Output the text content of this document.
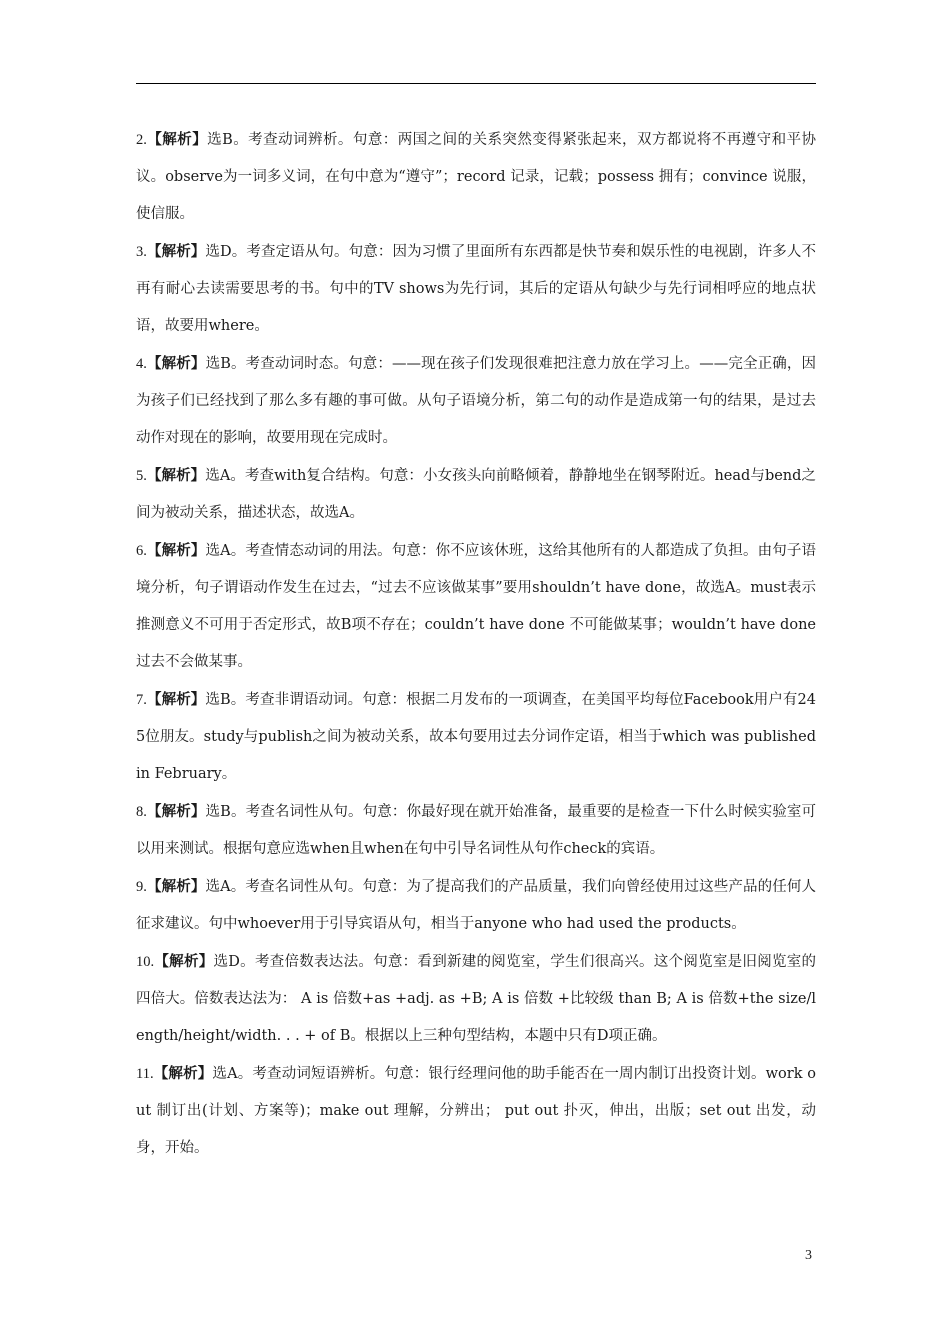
2.【解析】选B。考查动词辨析。句意：两国之间的关系突然变得紧张起来，双方都说将不再遵守和平协议。observe为一词多义词，在句中意为“遵守”；record 记录，记载；possess 拥有；convince 说服，使信服。

3.【解析】选D。考查定语从句。句意：因为习惯了里面所有东西都是快节奏和娱乐性的电视剧，许多人不再有耐心去读需要思考的书。句中的TV shows为先行词，其后的定语从句缺少与先行词相呼应的地点状语，故要用where。

4.【解析】选B。考查动词时态。句意：——现在孩子们发现很难把注意力放在学习上。——完全正确，因为孩子们已经找到了那么多有趣的事可做。从句子语境分析，第二句的动作是造成第一句的结果，是过去动作对现在的影响，故要用现在完成时。

5.【解析】选A。考查with复合结构。句意：小女孩头向前略倾着，静静地坐在钢琴附近。head与bend之间为被动关系，描述状态，故选A。

6.【解析】选A。考查情态动词的用法。句意：你不应该休班，这给其他所有的人都造成了负担。由句子语境分析，句子谓语动作发生在过去，“过去不应该做某事”要用shouldn’t have done，故选A。must表示推测意义不可用于否定形式，故B项不存在；couldn’t have done 不可能做某事；wouldn’t have done 过去不会做某事。

7.【解析】选B。考查非谓语动词。句意：根据二月发布的一项调查，在美国平均每位Facebook用户有245位朋友。study与publish之间为被动关系，故本句要用过去分词作定语，相当于which was published in February。

8.【解析】选B。考查名词性从句。句意：你最好现在就开始准备，最重要的是检查一下什么时候实验室可以用来测试。根据句意应选when且when在句中引导名词性从句作check的宾语。

9.【解析】选A。考查名词性从句。句意：为了提高我们的产品质量，我们向曾经使用过这些产品的任何人征求建议。句中whoever用于引导宾语从句，相当于anyone who had used the products。

10.【解析】选D。考查倍数表达法。句意：看到新建的阅览室，学生们很高兴。这个阅览室是旧阅览室的四倍大。倍数表达法为： A is 倍数+as +adj. as +B; A is 倍数 +比较级 than B; A is 倍数+the size/length/height/width. . . + of B。根据以上三种句型结构，本题中只有D项正确。

11.【解析】选A。考查动词短语辨析。句意：银行经理问他的助手能否在一周内制订出投资计划。work out 制订出(计划、方案等)；make out 理解，分辨出； put out 扑灭，伸出，出版；set out 出发，动身，开始。

3
